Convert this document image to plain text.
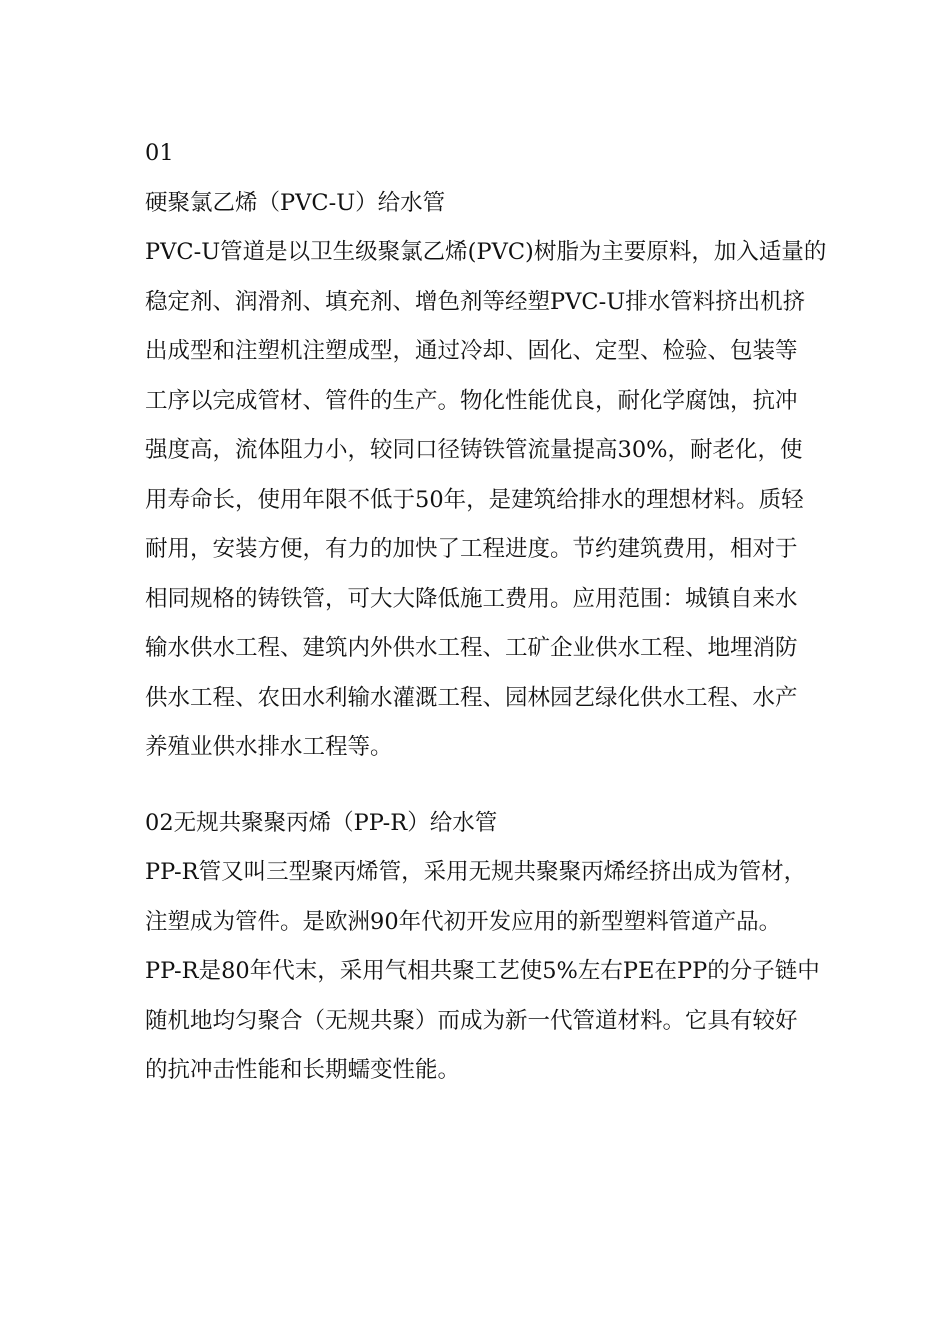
01
硬聚氯乙烯（PVC-U）给水管
PVC-U管道是以卫生级聚氯乙烯(PVC)树脂为主要原料，加入适量的
稳定剂、润滑剂、填充剂、增色剂等经塑PVC-U排水管料挤出机挤
出成型和注塑机注塑成型，通过冷却、固化、定型、检验、包装等
工序以完成管材、管件的生产。物化性能优良，耐化学腐蚀，抗冲
强度高，流体阻力小，较同口径铸铁管流量提高30%，耐老化，使
用寿命长，使用年限不低于50年，是建筑给排水的理想材料。质轻
耐用，安装方便，有力的加快了工程进度。节约建筑费用，相对于
相同规格的铸铁管，可大大降低施工费用。应用范围：城镇自来水
输水供水工程、建筑内外供水工程、工矿企业供水工程、地埋消防
供水工程、农田水利输水灌溉工程、园林园艺绿化供水工程、水产
养殖业供水排水工程等。
02无规共聚聚丙烯（PP-R）给水管
PP-R管又叫三型聚丙烯管，采用无规共聚聚丙烯经挤出成为管材，
注塑成为管件。是欧洲90年代初开发应用的新型塑料管道产品。
PP-R是80年代末，采用气相共聚工艺使5%左右PE在PP的分子链中
随机地均匀聚合（无规共聚）而成为新一代管道材料。它具有较好
的抗冲击性能和长期蠕变性能。
